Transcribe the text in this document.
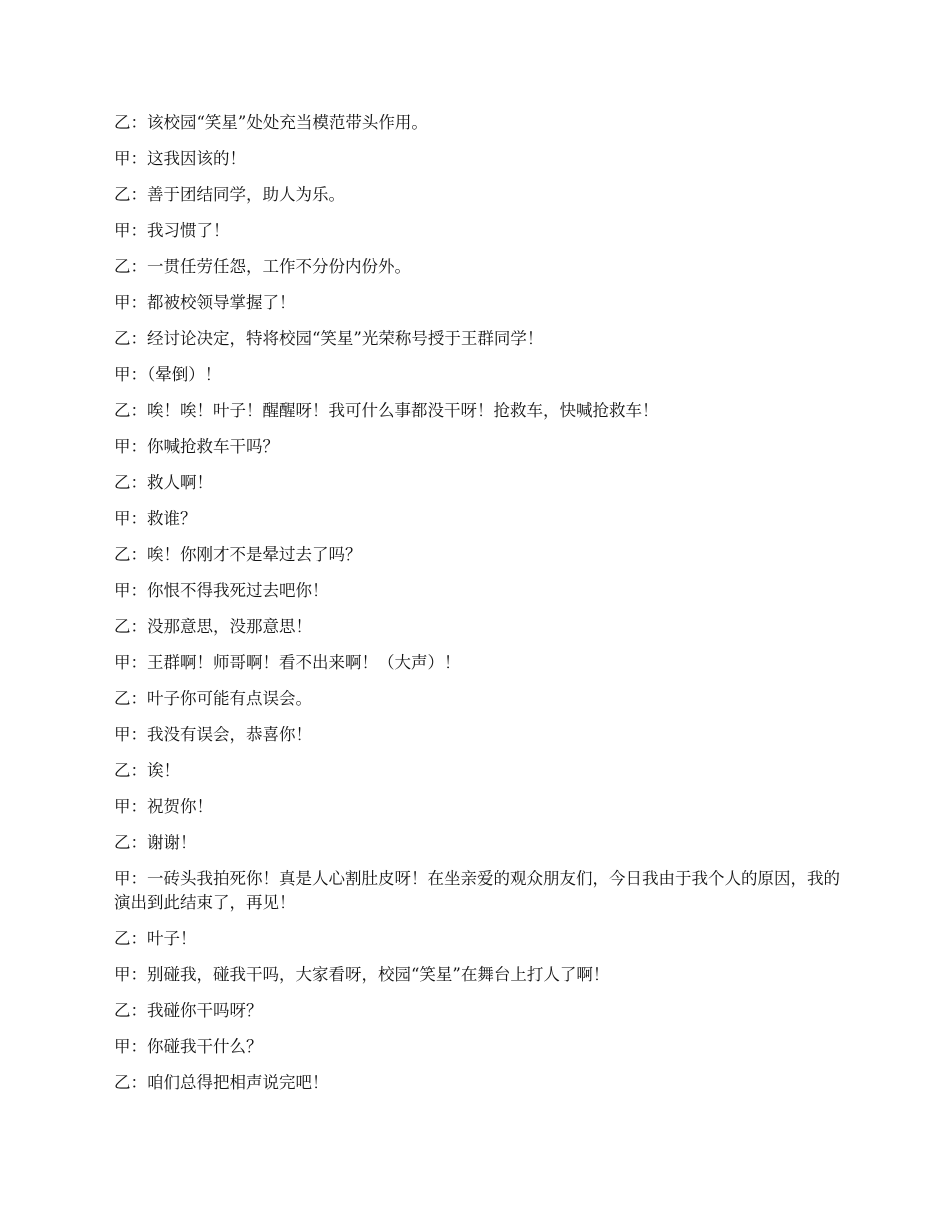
乙：该校园“笑星”处处充当模范带头作用。

甲：这我因该的！

乙：善于团结同学，助人为乐。

甲：我习惯了！

乙：一贯任劳任怨，工作不分份内份外。

甲：都被校领导掌握了！

乙：经讨论决定，特将校园“笑星”光荣称号授于王群同学！

甲：（晕倒）！

乙：唉！唉！叶子！醒醒呀！我可什么事都没干呀！抢救车，快喊抢救车！

甲：你喊抢救车干吗？

乙：救人啊！

甲：救谁？

乙：唉！你刚才不是晕过去了吗？

甲：你恨不得我死过去吧你！

乙：没那意思，没那意思！

甲：王群啊！师哥啊！看不出来啊！（大声）！

乙：叶子你可能有点误会。

甲：我没有误会，恭喜你！

乙：诶！

甲：祝贺你！

乙：谢谢！

甲：一砖头我拍死你！真是人心割肚皮呀！在坐亲爱的观众朋友们，今日我由于我个人的原因，我的演出到此结束了，再见！

乙：叶子！

甲：别碰我，碰我干吗，大家看呀，校园“笑星”在舞台上打人了啊！

乙：我碰你干吗呀？

甲：你碰我干什么？

乙：咱们总得把相声说完吧！
